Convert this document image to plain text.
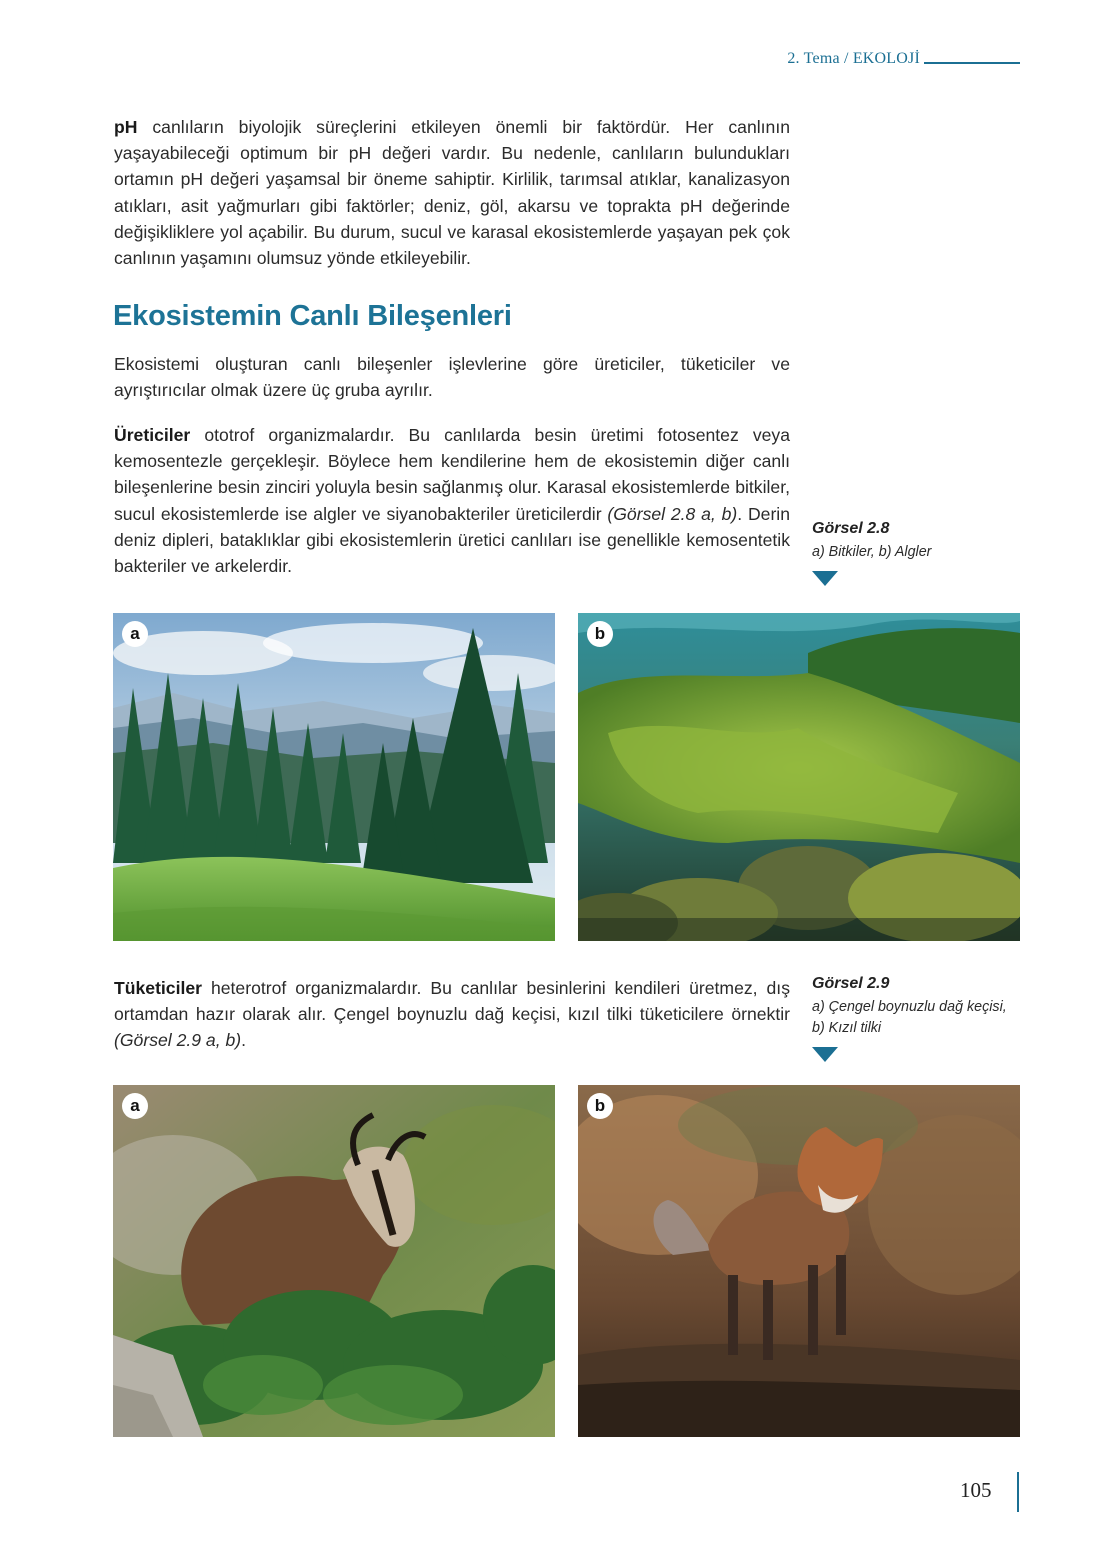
2. Tema / EKOLOJİ

pH canlıların biyolojik süreçlerini etkileyen önemli bir faktördür. Her canlının yaşayabileceği optimum bir pH değeri vardır. Bu nedenle, canlıların bulundukları ortamın pH değeri yaşamsal bir öneme sahiptir. Kirlilik, tarımsal atıklar, kanalizasyon atıkları, asit yağmurları gibi faktörler; deniz, göl, akarsu ve toprakta pH değerinde değişikliklere yol açabilir. Bu durum, sucul ve karasal ekosistemlerde yaşayan pek çok canlının yaşamını olumsuz yönde etkileyebilir.

Ekosistemin Canlı Bileşenleri

Ekosistemi oluşturan canlı bileşenler işlevlerine göre üreticiler, tüketiciler ve ayrıştırıcılar olmak üzere üç gruba ayrılır.

Üreticiler ototrof organizmalardır. Bu canlılarda besin üretimi fotosentez veya kemosentezle gerçekleşir. Böylece hem kendilerine hem de ekosistemin diğer canlı bileşenlerine besin zinciri yoluyla besin sağlanmış olur. Karasal ekosistemlerde bitkiler, sucul ekosistemlerde ise algler ve siyanobakteriler üreticilerdir (Görsel 2.8 a, b). Derin deniz dipleri, bataklıklar gibi ekosistemlerin üretici canlıları ise genellikle kemosentetik bakteriler ve arkelerdir.

Görsel 2.8
a) Bitkiler, b) Algler
a	b

Tüketiciler heterotrof organizmalardır. Bu canlılar besinlerini kendileri üretmez, dış ortamdan hazır olarak alır. Çengel boynuzlu dağ keçisi, kızıl tilki tüketicilere örnektir (Görsel 2.9 a, b).

Görsel 2.9
a) Çengel boynuzlu dağ keçisi, b) Kızıl tilki
a	b
105
